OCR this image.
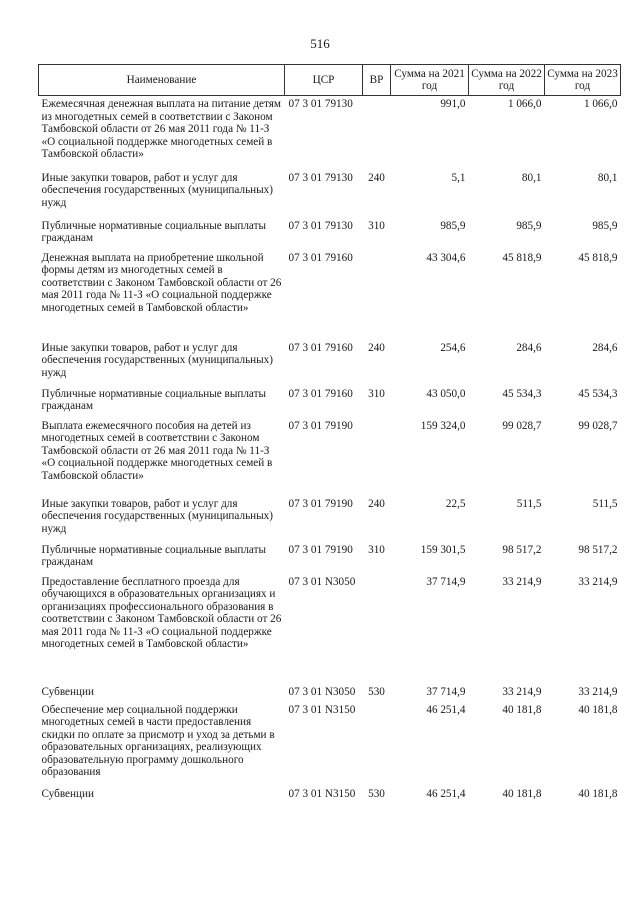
516
Наименование	ЦСР	ВР	Сумма на 2021 год	Сумма на 2022 год	Сумма на 2023 год
Ежемесячная денежная выплата на питание детям из многодетных семей в соответствии с Законом Тамбовской области от 26 мая 2011 года № 11-З «О социальной поддержке многодетных семей в Тамбовской области»	07 3 01 79130		991,0	1 066,0	1 066,0
Иные закупки товаров, работ и услуг для обеспечения государственных (муниципальных) нужд	07 3 01 79130	240	5,1	80,1	80,1
Публичные нормативные социальные выплаты гражданам	07 3 01 79130	310	985,9	985,9	985,9
Денежная выплата на приобретение школьной формы детям из многодетных семей в соответствии с Законом Тамбовской области от 26 мая 2011 года № 11-З «О социальной поддержке многодетных семей в Тамбовской области»	07 3 01 79160		43 304,6	45 818,9	45 818,9
Иные закупки товаров, работ и услуг для обеспечения государственных (муниципальных) нужд	07 3 01 79160	240	254,6	284,6	284,6
Публичные нормативные социальные выплаты гражданам	07 3 01 79160	310	43 050,0	45 534,3	45 534,3
Выплата ежемесячного пособия на детей из многодетных семей в соответствии с Законом Тамбовской области от 26 мая 2011 года № 11-З «О социальной поддержке многодетных семей в Тамбовской области»	07 3 01 79190		159 324,0	99 028,7	99 028,7
Иные закупки товаров, работ и услуг для обеспечения государственных (муниципальных) нужд	07 3 01 79190	240	22,5	511,5	511,5
Публичные нормативные социальные выплаты гражданам	07 3 01 79190	310	159 301,5	98 517,2	98 517,2
Предоставление бесплатного проезда для обучающихся в образовательных организациях и организациях профессионального образования в соответствии с Законом Тамбовской области от 26 мая 2011 года № 11-З «О социальной поддержке многодетных семей в Тамбовской области»	07 3 01 N3050		37 714,9	33 214,9	33 214,9
Субвенции	07 3 01 N3050	530	37 714,9	33 214,9	33 214,9
Обеспечение мер социальной поддержки многодетных семей в части предоставления скидки по оплате за присмотр и уход за детьми в образовательных организациях, реализующих образовательную программу дошкольного образования	07 3 01 N3150		46 251,4	40 181,8	40 181,8
Субвенции	07 3 01 N3150	530	46 251,4	40 181,8	40 181,8
